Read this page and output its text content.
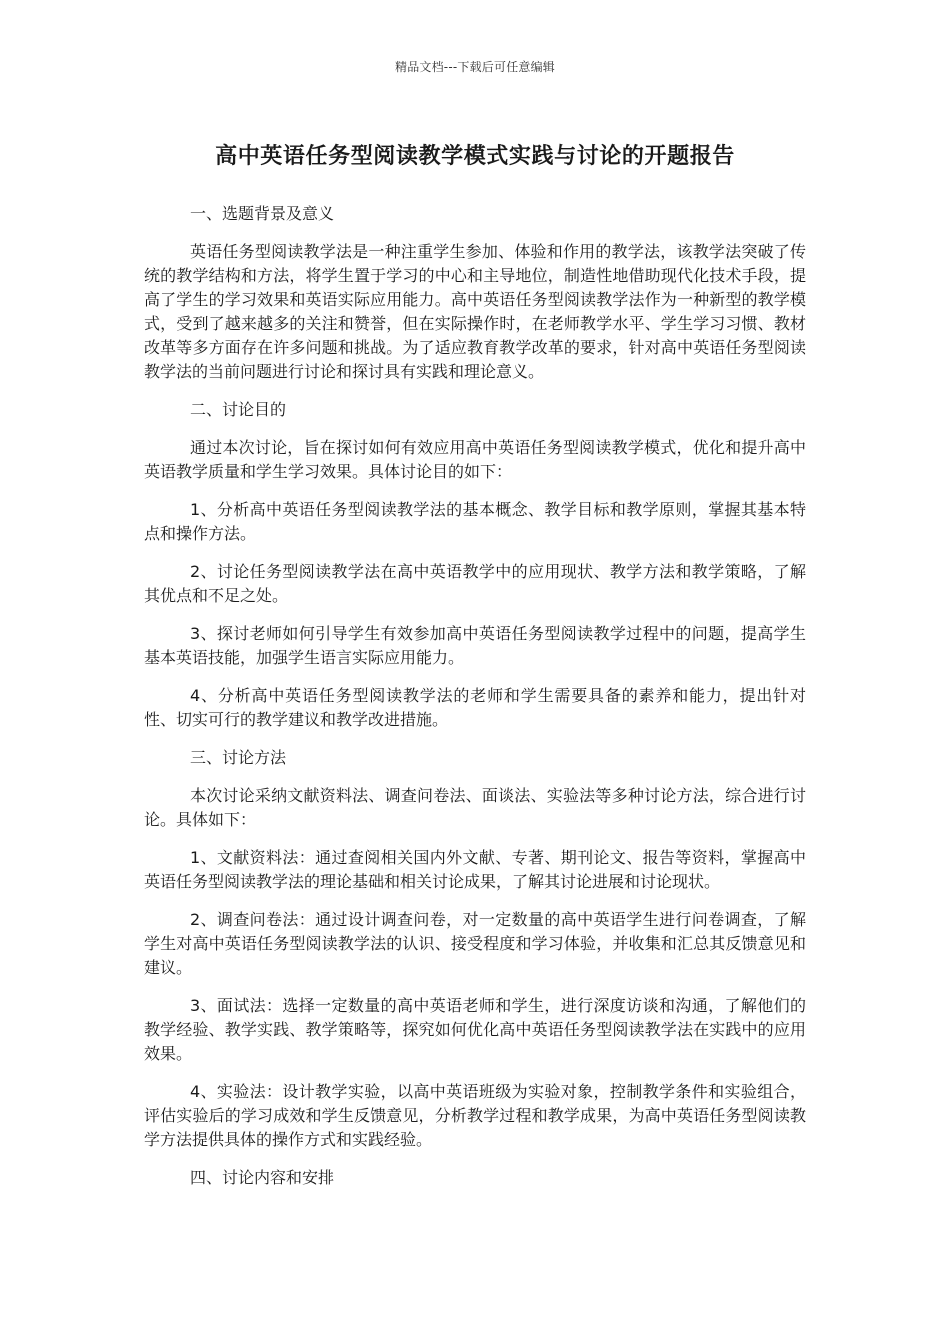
精品文档---下载后可任意编辑
高中英语任务型阅读教学模式实践与讨论的开题报告

一、选题背景及意义

英语任务型阅读教学法是一种注重学生参加、体验和作用的教学法，该教学法突破了传统的教学结构和方法，将学生置于学习的中心和主导地位，制造性地借助现代化技术手段，提高了学生的学习效果和英语实际应用能力。高中英语任务型阅读教学法作为一种新型的教学模式，受到了越来越多的关注和赞誉，但在实际操作时，在老师教学水平、学生学习习惯、教材改革等多方面存在许多问题和挑战。为了适应教育教学改革的要求，针对高中英语任务型阅读教学法的当前问题进行讨论和探讨具有实践和理论意义。

二、讨论目的

通过本次讨论，旨在探讨如何有效应用高中英语任务型阅读教学模式，优化和提升高中英语教学质量和学生学习效果。具体讨论目的如下：

1、分析高中英语任务型阅读教学法的基本概念、教学目标和教学原则，掌握其基本特点和操作方法。

2、讨论任务型阅读教学法在高中英语教学中的应用现状、教学方法和教学策略，了解其优点和不足之处。

3、探讨老师如何引导学生有效参加高中英语任务型阅读教学过程中的问题，提高学生基本英语技能，加强学生语言实际应用能力。

4、分析高中英语任务型阅读教学法的老师和学生需要具备的素养和能力，提出针对性、切实可行的教学建议和教学改进措施。

三、讨论方法

本次讨论采纳文献资料法、调查问卷法、面谈法、实验法等多种讨论方法，综合进行讨论。具体如下：

1、文献资料法：通过查阅相关国内外文献、专著、期刊论文、报告等资料，掌握高中英语任务型阅读教学法的理论基础和相关讨论成果，了解其讨论进展和讨论现状。

2、调查问卷法：通过设计调查问卷，对一定数量的高中英语学生进行问卷调查，了解学生对高中英语任务型阅读教学法的认识、接受程度和学习体验，并收集和汇总其反馈意见和建议。

3、面试法：选择一定数量的高中英语老师和学生，进行深度访谈和沟通，了解他们的教学经验、教学实践、教学策略等，探究如何优化高中英语任务型阅读教学法在实践中的应用效果。

4、实验法：设计教学实验，以高中英语班级为实验对象，控制教学条件和实验组合，评估实验后的学习成效和学生反馈意见，分析教学过程和教学成果，为高中英语任务型阅读教学方法提供具体的操作方式和实践经验。

四、讨论内容和安排
